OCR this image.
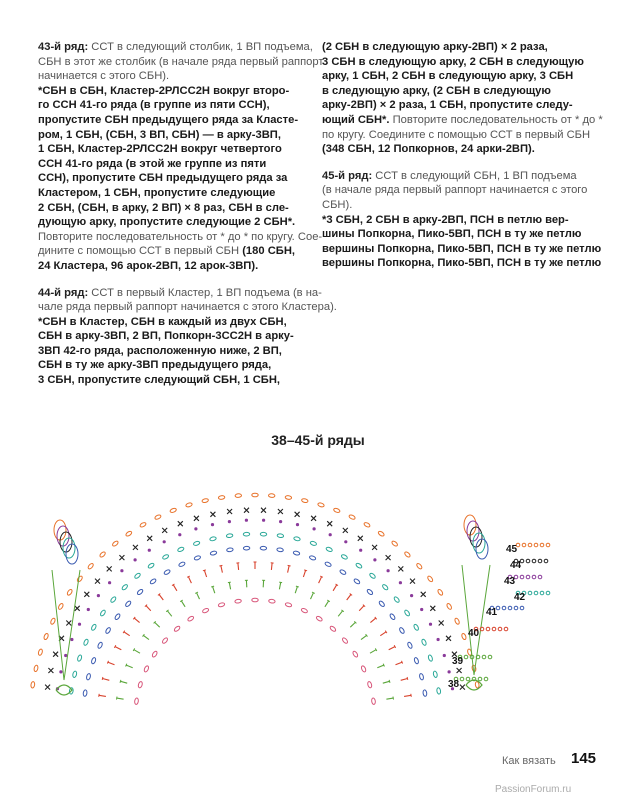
43-й ряд: ССТ в следующий столбик, 1 ВП подъема,
СБН в этот же столбик (в начале ряда первый раппорт
начинается с этого СБН).
*СБН в СБН, Кластер-2РЛСС2Н вокруг второ-
го ССН 41-го ряда (в группе из пяти ССН),
пропустите СБН предыдущего ряда за Класте-
ром, 1 СБН, (СБН, 3 ВП, СБН) — в арку-3ВП,
1 СБН, Кластер-2РЛСС2Н вокруг четвертого
ССН 41-го ряда (в этой же группе из пяти
ССН), пропустите СБН предыдущего ряда за
Кластером, 1 СБН, пропустите следующие
2 СБН, (СБН, в арку, 2 ВП) × 8 раз, СБН в сле-
дующую арку, пропустите следующие 2 СБН*.
Повторите последовательность от * до * по кругу. Сое-
дините с помощью ССТ в первый СБН (180 СБН,
24 Кластера, 96 арок-2ВП, 12 арок-3ВП).
44-й ряд: ССТ в первый Кластер, 1 ВП подъема (в на-
чале ряда первый раппорт начинается с этого Кластера).
*СБН в Кластер, СБН в каждый из двух СБН,
СБН в арку-3ВП, 2 ВП, Попкорн-3СС2Н в арку-
3ВП 42-го ряда, расположенную ниже, 2 ВП,
СБН в ту же арку-3ВП предыдущего ряда,
3 СБН, пропустите следующий СБН, 1 СБН,
(2 СБН в следующую арку-2ВП) × 2 раза,
3 СБН в следующую арку, 2 СБН в следующую
арку, 1 СБН, 2 СБН в следующую арку, 3 СБН
в следующую арку, (2 СБН в следующую
арку-2ВП) × 2 раза, 1 СБН, пропустите следу-
ющий СБН*. Повторите последовательность от * до *
по кругу. Соедините с помощью ССТ в первый СБН
(348 СБН, 12 Попкорнов, 24 арки-2ВП).
45-й ряд: ССТ в следующий СБН, 1 ВП подъема
(в начале ряда первый раппорт начинается с этого
СБН).
*3 СБН, 2 СБН в арку-2ВП, ПСН в петлю вер-
шины Попкорна, Пико-5ВП, ПСН в ту же петлю
вершины Попкорна, Пико-5ВП, ПСН в ту же петлю
вершины Попкорна, Пико-5ВП, ПСН в ту же петлю
38–45-й ряды
45
44
43
42
41
40
39
38
Как вязать 145
PassionForum.ru
